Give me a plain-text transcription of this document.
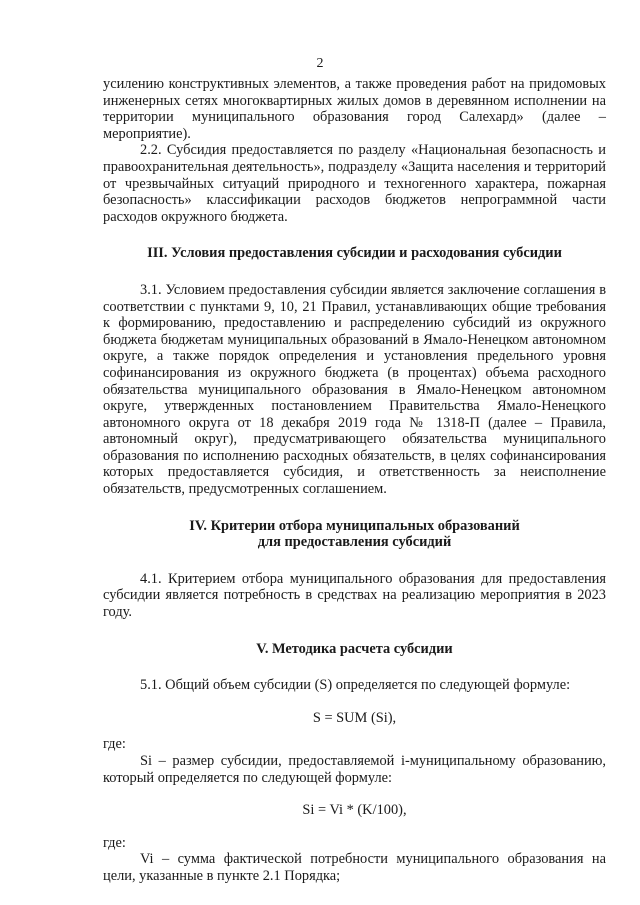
2

усилению конструктивных элементов, а также проведения работ на придомовых инженерных сетях многоквартирных жилых домов в деревянном исполнении на территории муниципального образования город Салехард» (далее – мероприятие).

2.2. Субсидия предоставляется по разделу «Национальная безопасность и правоохранительная деятельность», подразделу «Защита населения и территорий от чрезвычайных ситуаций природного и техногенного характера, пожарная безопасность» классификации расходов бюджетов непрограммной части расходов окружного бюджета.

III. Условия предоставления субсидии и расходования субсидии

3.1. Условием предоставления субсидии является заключение соглашения в соответствии с пунктами 9, 10, 21 Правил, устанавливающих общие требования к формированию, предоставлению и распределению субсидий из окружного бюджета бюджетам муниципальных образований в Ямало-Ненецком автономном округе, а также порядок определения и установления предельного уровня софинансирования из окружного бюджета (в процентах) объема расходного обязательства муниципального образования в Ямало-Ненецком автономном округе, утвержденных постановлением Правительства Ямало-Ненецкого автономного округа от 18 декабря 2019 года № 1318-П (далее – Правила, автономный округ), предусматривающего обязательства муниципального образования по исполнению расходных обязательств, в целях софинансирования которых предоставляется субсидия, и ответственность за неисполнение обязательств, предусмотренных соглашением.

IV. Критерии отбора муниципальных образований
для предоставления субсидий

4.1. Критерием отбора муниципального образования для предоставления субсидии является потребность в средствах на реализацию мероприятия в 2023 году.

V. Методика расчета субсидии

5.1. Общий объем субсидии (S) определяется по следующей формуле:

S = SUM (Si),

где:

Si – размер субсидии, предоставляемой i-муниципальному образованию, который определяется по следующей формуле:

Si = Vi * (K/100),

где:

Vi – сумма фактической потребности муниципального образования на цели, указанные в пункте 2.1 Порядка;
